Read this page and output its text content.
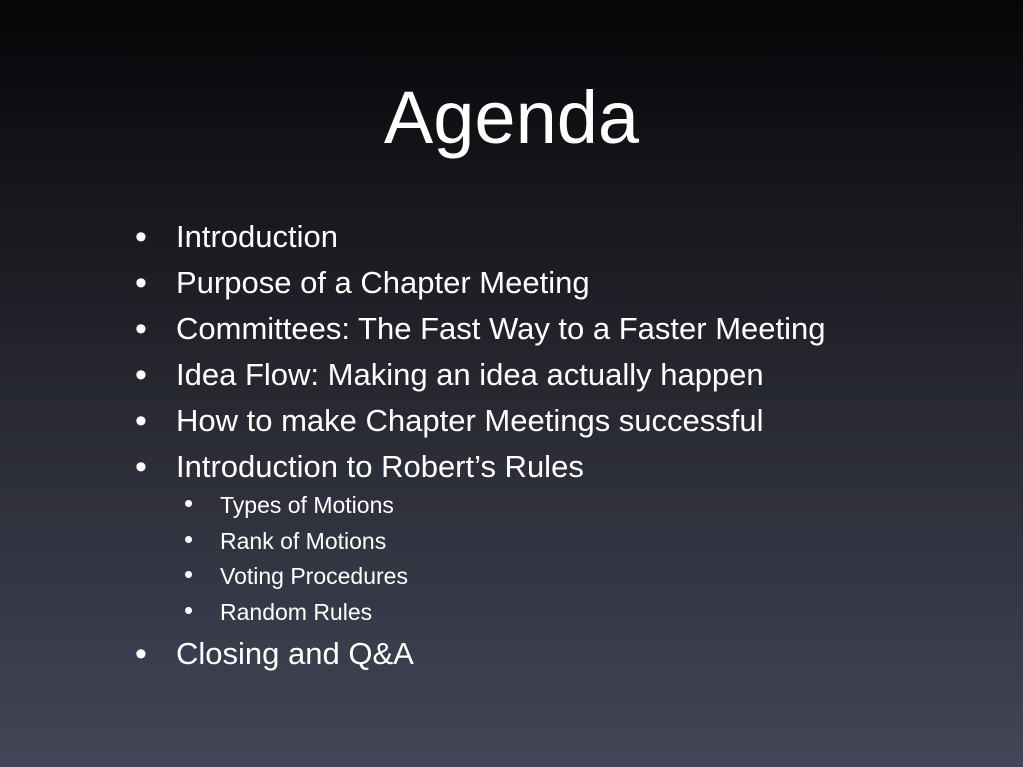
Agenda
• Introduction
• Purpose of a Chapter Meeting
• Committees: The Fast Way to a Faster Meeting
• Idea Flow: Making an idea actually happen
• How to make Chapter Meetings successful
• Introduction to Robert’s Rules
• Types of Motions
• Rank of Motions
• Voting Procedures
• Random Rules
• Closing and Q&A
